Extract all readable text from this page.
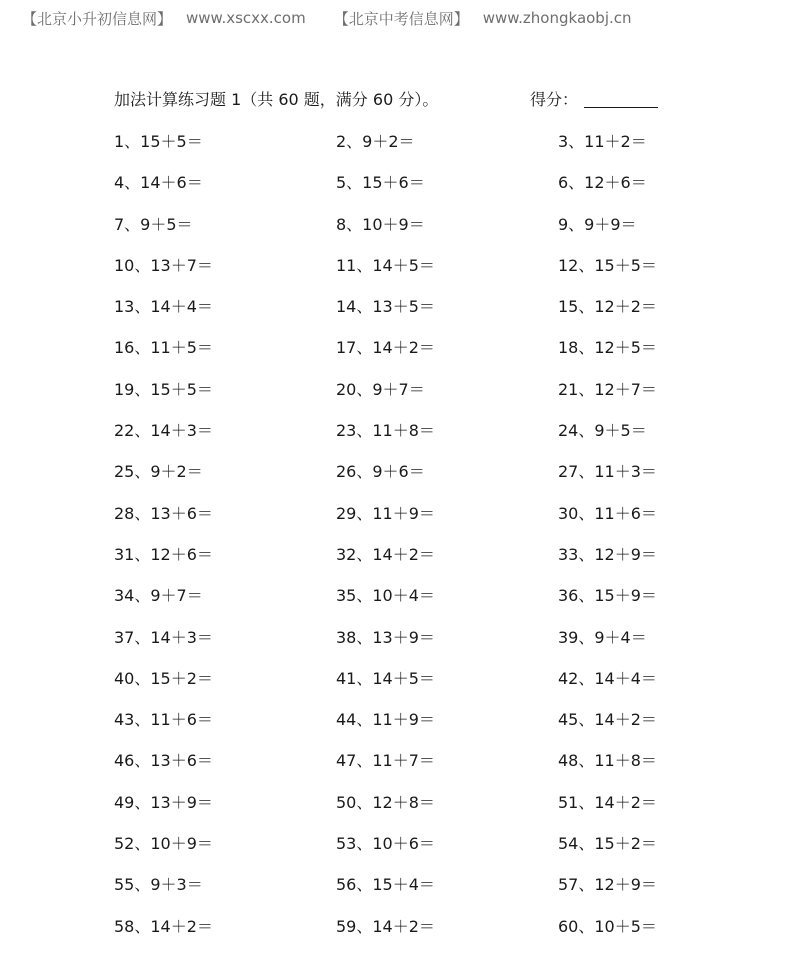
【北京小升初信息网】 www.xscxx.com 【北京中考信息网】 www.zhongkaobj.cn
加法计算练习题 1（共 60 题，满分 60 分）。	得分：
1、15＋5＝	2、9＋2＝	3、11＋2＝
4、14＋6＝	5、15＋6＝	6、12＋6＝
7、9＋5＝	8、10＋9＝	9、9＋9＝
10、13＋7＝	11、14＋5＝	12、15＋5＝
13、14＋4＝	14、13＋5＝	15、12＋2＝
16、11＋5＝	17、14＋2＝	18、12＋5＝
19、15＋5＝	20、9＋7＝	21、12＋7＝
22、14＋3＝	23、11＋8＝	24、9＋5＝
25、9＋2＝	26、9＋6＝	27、11＋3＝
28、13＋6＝	29、11＋9＝	30、11＋6＝
31、12＋6＝	32、14＋2＝	33、12＋9＝
34、9＋7＝	35、10＋4＝	36、15＋9＝
37、14＋3＝	38、13＋9＝	39、9＋4＝
40、15＋2＝	41、14＋5＝	42、14＋4＝
43、11＋6＝	44、11＋9＝	45、14＋2＝
46、13＋6＝	47、11＋7＝	48、11＋8＝
49、13＋9＝	50、12＋8＝	51、14＋2＝
52、10＋9＝	53、10＋6＝	54、15＋2＝
55、9＋3＝	56、15＋4＝	57、12＋9＝
58、14＋2＝	59、14＋2＝	60、10＋5＝
